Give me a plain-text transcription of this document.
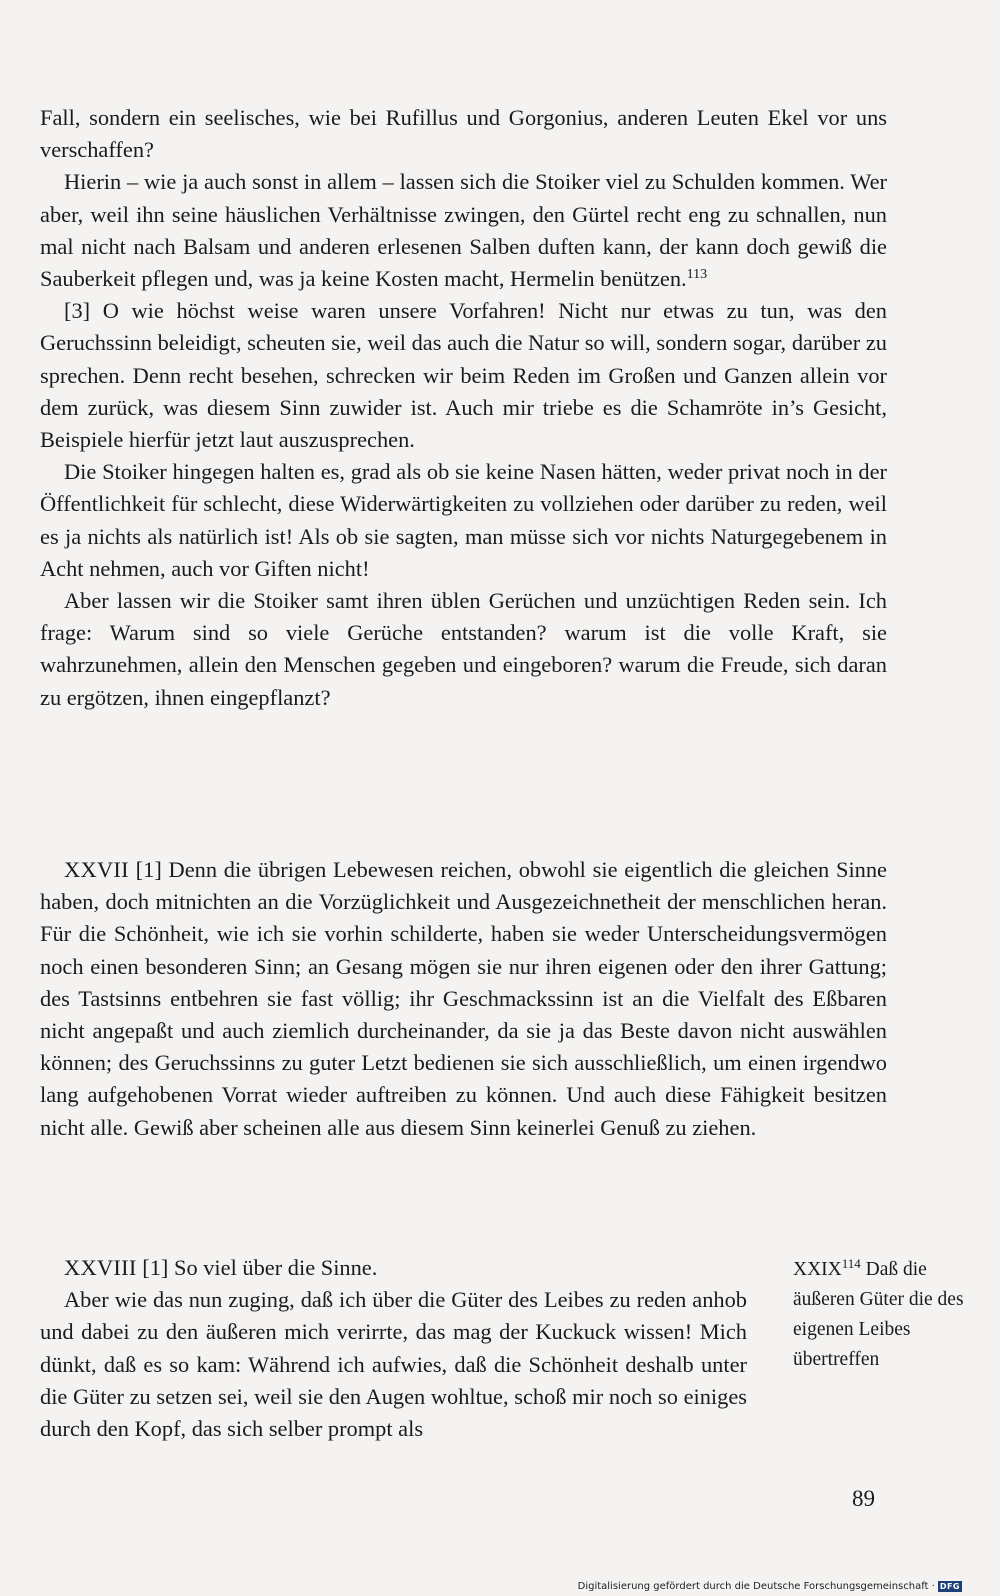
Fall, sondern ein seelisches, wie bei Rufillus und Gorgonius, anderen Leuten Ekel vor uns verschaffen?

Hierin – wie ja auch sonst in allem – lassen sich die Stoiker viel zu Schulden kommen. Wer aber, weil ihn seine häuslichen Verhältnisse zwingen, den Gürtel recht eng zu schnallen, nun mal nicht nach Balsam und anderen erlesenen Salben duften kann, der kann doch gewiß die Sauberkeit pflegen und, was ja keine Kosten macht, Hermelin benützen.$^{113}$

[3] O wie höchst weise waren unsere Vorfahren! Nicht nur etwas zu tun, was den Geruchssinn beleidigt, scheuten sie, weil das auch die Natur so will, sondern sogar, darüber zu sprechen. Denn recht besehen, schrecken wir beim Reden im Großen und Ganzen allein vor dem zurück, was diesem Sinn zuwider ist. Auch mir triebe es die Schamröte in’s Gesicht, Beispiele hierfür jetzt laut auszusprechen.

Die Stoiker hingegen halten es, grad als ob sie keine Nasen hätten, weder privat noch in der Öffentlichkeit für schlecht, diese Widerwärtigkeiten zu vollziehen oder darüber zu reden, weil es ja nichts als natürlich ist! Als ob sie sagten, man müsse sich vor nichts Naturgegebenem in Acht nehmen, auch vor Giften nicht!

Aber lassen wir die Stoiker samt ihren üblen Gerüchen und unzüchtigen Reden sein. Ich frage: Warum sind so viele Gerüche entstanden? warum ist die volle Kraft, sie wahrzunehmen, allein den Menschen gegeben und eingeboren? warum die Freude, sich daran zu ergötzen, ihnen eingepflanzt?

XXVII [1] Denn die übrigen Lebewesen reichen, obwohl sie eigentlich die gleichen Sinne haben, doch mitnichten an die Vorzüglichkeit und Ausgezeichnetheit der menschlichen heran. Für die Schönheit, wie ich sie vorhin schilderte, haben sie weder Unterscheidungsvermögen noch einen besonderen Sinn; an Gesang mögen sie nur ihren eigenen oder den ihrer Gattung; des Tastsinns entbehren sie fast völlig; ihr Geschmackssinn ist an die Vielfalt des Eßbaren nicht angepaßt und auch ziemlich durcheinander, da sie ja das Beste davon nicht auswählen können; des Geruchssinns zu guter Letzt bedienen sie sich ausschließlich, um einen irgendwo lang aufgehobenen Vorrat wieder auftreiben zu können. Und auch diese Fähigkeit besitzen nicht alle. Gewiß aber scheinen alle aus diesem Sinn keinerlei Genuß zu ziehen.

XXVIII [1] So viel über die Sinne.

Aber wie das nun zuging, daß ich über die Güter des Leibes zu reden anhob und dabei zu den äußeren mich verirrte, das mag der Kuckuck wissen! Mich dünkt, daß es so kam: Während ich aufwies, daß die Schönheit deshalb unter die Güter zu setzen sei, weil sie den Augen wohltue, schoß mir noch so einiges durch den Kopf, das sich selber prompt als

XXIX$^{114}$ Daß die äußeren Güter die des eigenen Leibes übertreffen
89
Digitalisierung gefördert durch die Deutsche Forschungsgemeinschaft · DFG
